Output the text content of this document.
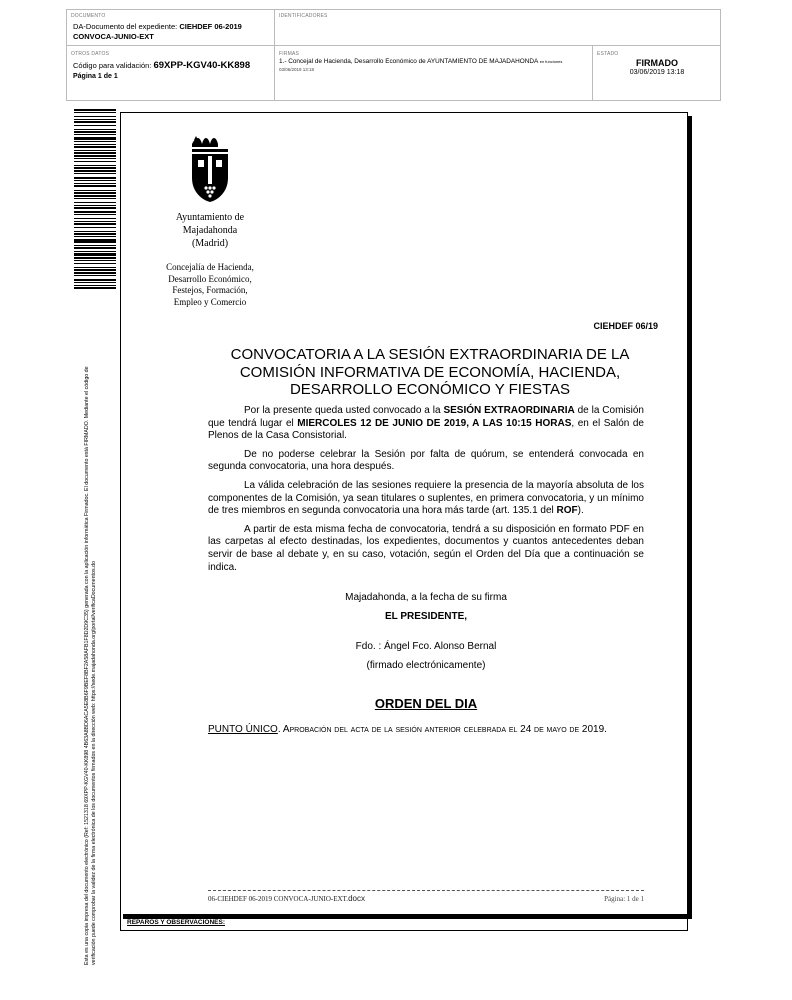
DOCUMENTO
DA-Documento del expediente: CIEHDEF 06-2019
CONVOCA-JUNIO-EXT
IDENTIFICADORES
OTROS DATOS
Código para validación: 69XPP-KGV40-KK898
Página 1 de 1
FIRMAS
1.- Concejal de Hacienda, Desarrollo Económico de AYUNTAMIENTO DE MAJADAHONDA en funciones
03/06/2019 13:18
ESTADO
FIRMADO
03/06/2019 13:18
Esta es una copia impresa del documento electrónico (Ref: 1521318 69XPP-KGV40-KK898 4B63A8BD6ACA5E8B6F9BEF8BF2A58AFB1F8D2D9C35) generada con la aplicación informática Firmadoc. El documento está FIRMADO. Mediante el código de verificación puede comprobar la validez de la firma electrónica de los documentos firmados en la dirección web: https://sede.majadahonda.org/portal/verificaDocumentos.do
Ayuntamiento de
Majadahonda
(Madrid)
Concejalía de Hacienda,
Desarrollo Económico,
Festejos, Formación,
Empleo y Comercio
CIEHDEF 06/19
CONVOCATORIA A LA SESIÓN EXTRAORDINARIA DE LA
COMISIÓN INFORMATIVA DE ECONOMÍA, HACIENDA,
DESARROLLO ECONÓMICO Y FIESTAS

Por la presente queda usted convocado a la SESIÓN EXTRAORDINARIA de la Comisión que tendrá lugar el MIERCOLES 12 DE JUNIO DE 2019, A LAS 10:15 HORAS, en el Salón de Plenos de la Casa Consistorial.

De no poderse celebrar la Sesión por falta de quórum, se entenderá convocada en segunda convocatoria, una hora después.

La válida celebración de las sesiones requiere la presencia de la mayoría absoluta de los componentes de la Comisión, ya sean titulares o suplentes, en primera convocatoria, y un mínimo de tres miembros en segunda convocatoria una hora más tarde (art. 135.1 del ROF).

A partir de esta misma fecha de convocatoria, tendrá a su disposición en formato PDF en las carpetas al efecto destinadas, los expedientes, documentos y cuantos antecedentes deban servir de base al debate y, en su caso, votación, según el Orden del Día que a continuación se indica.

Majadahonda, a la fecha de su firma
EL PRESIDENTE,
Fdo. : Ángel Fco. Alonso Bernal
(firmado electrónicamente)
ORDEN DEL DIA
PUNTO ÚNICO. Aprobación del acta de la sesión anterior celebrada el 24 de mayo de 2019.
06-CIEHDEF 06-2019 CONVOCA-JUNIO-EXT.docx	Página: 1 de 1
REPAROS Y OBSERVACIONES:
